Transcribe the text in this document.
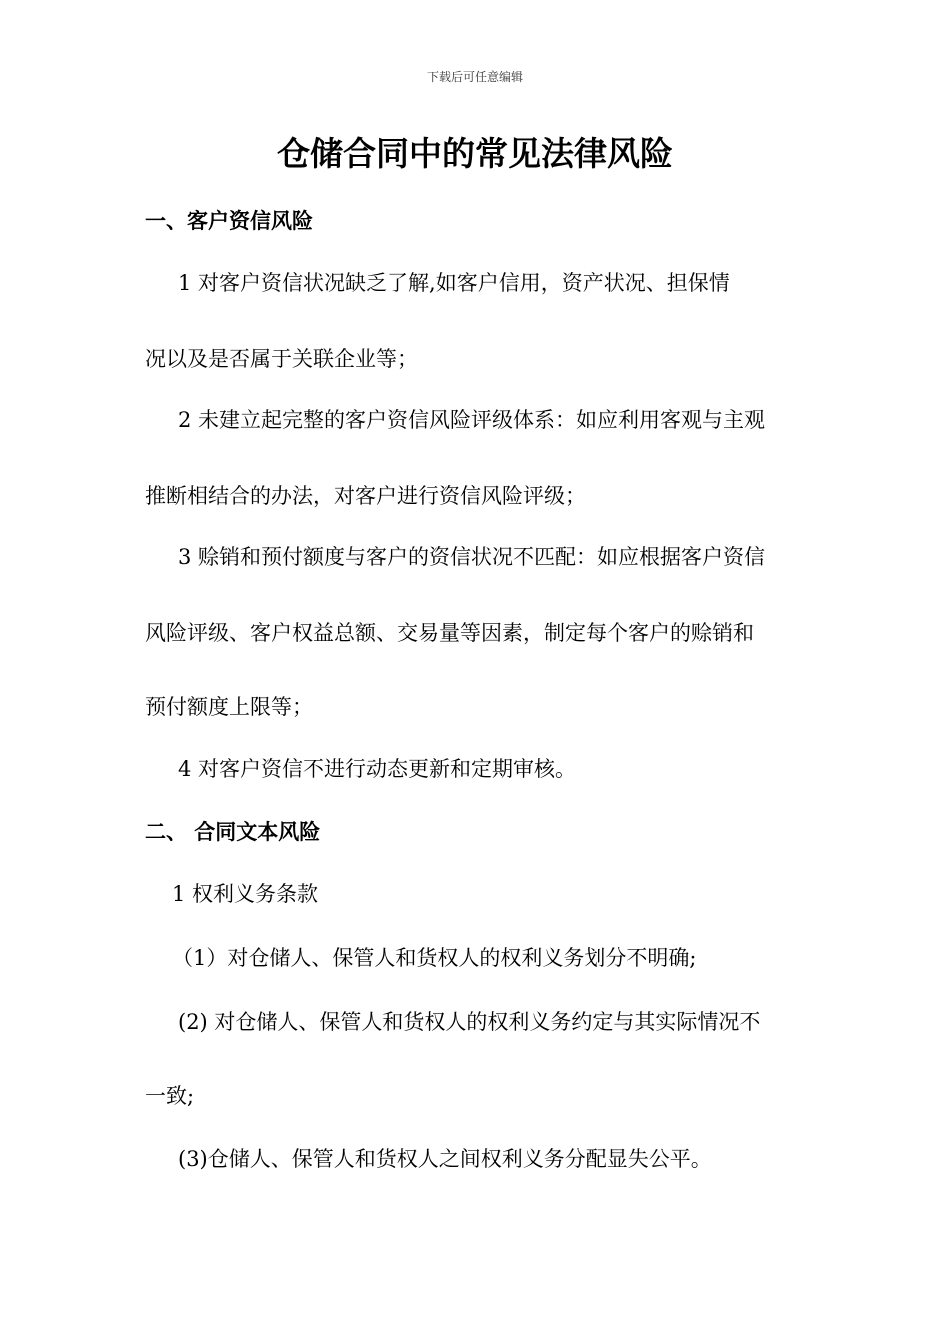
下载后可任意编辑
仓储合同中的常见法律风险
一、客户资信风险
1 对客户资信状况缺乏了解,如客户信用，资产状况、担保情
况以及是否属于关联企业等；
2 未建立起完整的客户资信风险评级体系：如应利用客观与主观
推断相结合的办法，对客户进行资信风险评级；
3 赊销和预付额度与客户的资信状况不匹配：如应根据客户资信
风险评级、客户权益总额、交易量等因素，制定每个客户的赊销和
预付额度上限等；
4 对客户资信不进行动态更新和定期审核。
二、 合同文本风险
1 权利义务条款
（1）对仓储人、保管人和货权人的权利义务划分不明确;
(2) 对仓储人、保管人和货权人的权利义务约定与其实际情况不
一致;
(3)仓储人、保管人和货权人之间权利义务分配显失公平。
